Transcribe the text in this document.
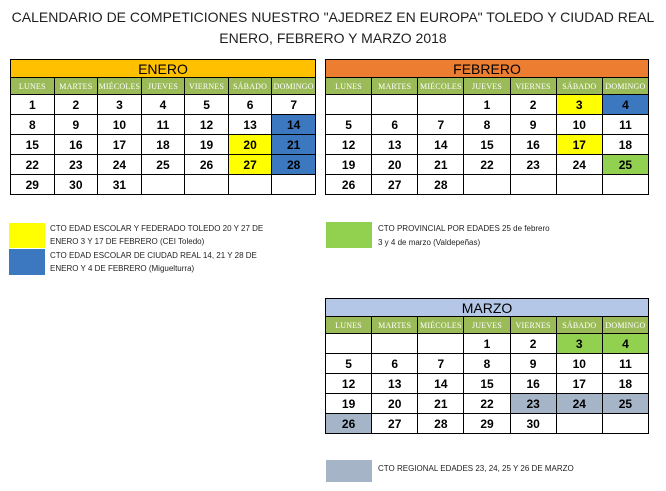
CALENDARIO DE COMPETICIONES NUESTRO "AJEDREZ EN EUROPA" TOLEDO Y CIUDAD REAL
ENERO, FEBRERO Y MARZO 2018
ENERO						
LUNES	MARTES	MIÉCOLES	JUEVES	VIERNES	SÁBADO	DOMINGO
1	2	3	4	5	6	7
8	9	10	11	12	13	14
15	16	17	18	19	20	21
22	23	24	25	26	27	28
29	30	31				
FEBRERO						
LUNES	MARTES	MIÉCOLES	JUEVES	VIERNES	SÁBADO	DOMINGO
			1	2	3	4
5	6	7	8	9	10	11
12	13	14	15	16	17	18
19	20	21	22	23	24	25
26	27	28				
MARZO						
LUNES	MARTES	MIÉCOLES	JUEVES	VIERNES	SÁBADO	DOMINGO
			1	2	3	4
5	6	7	8	9	10	11
12	13	14	15	16	17	18
19	20	21	22	23	24	25
26	27	28	29	30		
CTO EDAD ESCOLAR Y FEDERADO TOLEDO 20 Y 27 DE
ENERO 3 Y 17 DE FEBRERO (CEI Toledo)
CTO EDAD ESCOLAR DE CIUDAD REAL 14, 21 Y 28 DE
ENERO Y 4 DE FEBRERO (Miguelturra)
CTO PROVINCIAL POR EDADES 25 de febrero
3 y 4 de marzo (Valdepeñas)
CTO REGIONAL EDADES 23, 24, 25 Y 26 DE MARZO
